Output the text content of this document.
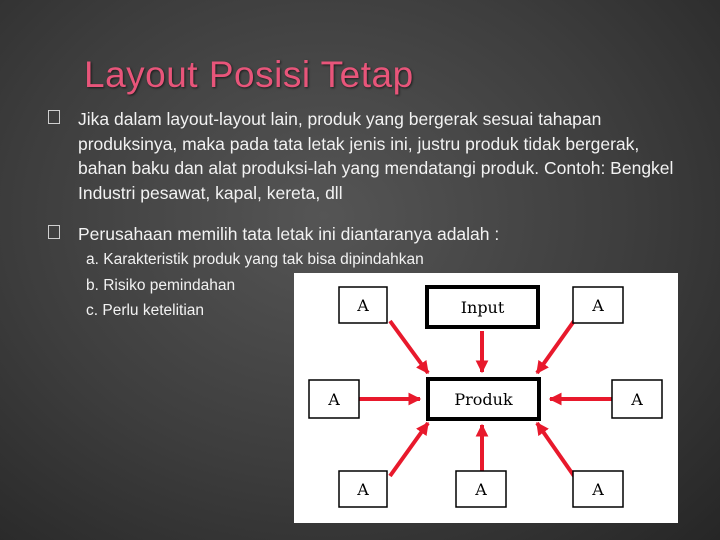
Layout Posisi Tetap
Jika dalam layout-layout lain, produk yang bergerak sesuai tahapan produksinya, maka pada tata letak jenis ini, justru produk tidak bergerak, bahan baku dan alat produksi-lah yang mendatangi produk. Contoh: Bengkel Industri pesawat, kapal, kereta, dll
Perusahaan memilih tata letak ini diantaranya adalah :
a. Karakteristik produk yang tak bisa dipindahkan
b. Risiko pemindahan
c. Perlu ketelitian	Input
Produk
A	A
A	A
A	A	A
